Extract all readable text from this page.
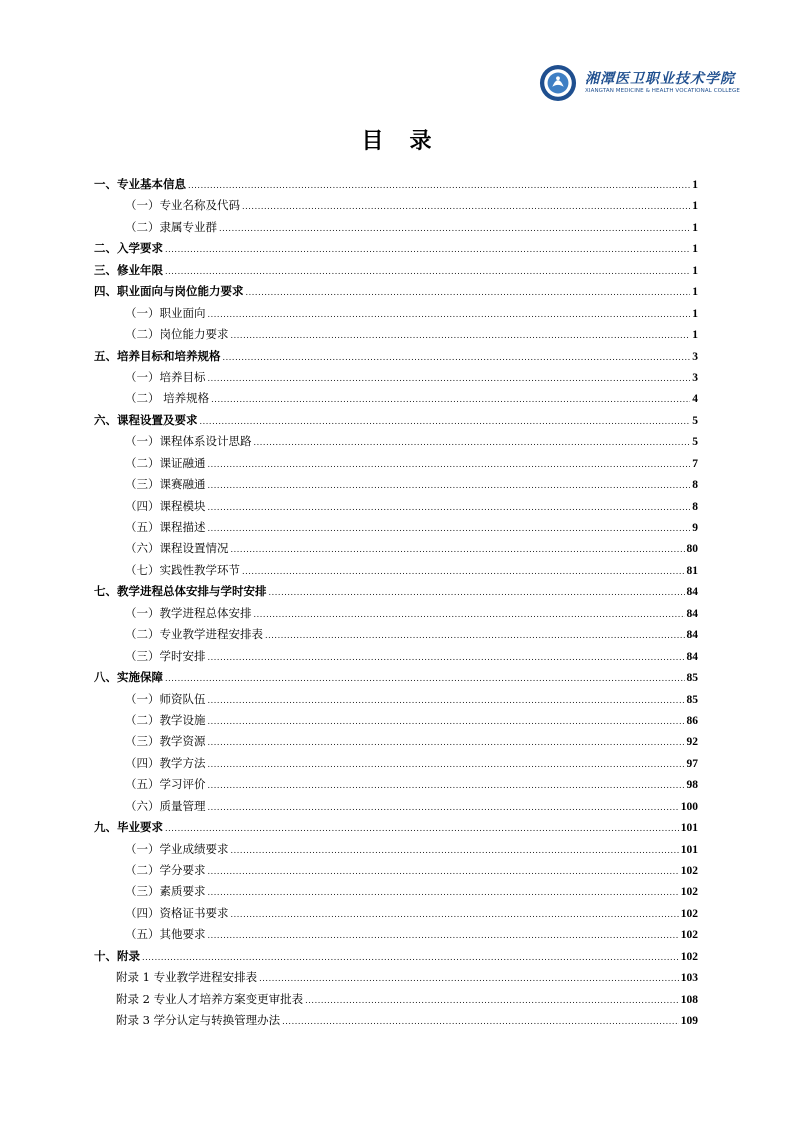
湘潭医卫职业技术学院
XIANGTAN MEDICINE & HEALTH VOCATIONAL COLLEGE
目录
一、专业基本信息 .....	1
（一）专业名称及代码 .....	1
（二）隶属专业群 .....	1
二、入学要求 .....	1
三、修业年限 .....	1
四、职业面向与岗位能力要求 .....	1
（一）职业面向 .....	1
（二）岗位能力要求 .....	1
五、培养目标和培养规格 .....	3
（一）培养目标 .....	3
（二） 培养规格 .....	4
六、课程设置及要求 .....	5
（一）课程体系设计思路 .....	5
（二）课证融通 .....	7
（三）课赛融通 .....	8
（四）课程模块 .....	8
（五）课程描述 .....	9
（六）课程设置情况 .....	80
（七）实践性教学环节 .....	81
七、教学进程总体安排与学时安排 .....	84
（一）教学进程总体安排 .....	84
（二）专业教学进程安排表 .....	84
（三）学时安排 .....	84
八、实施保障 .....	85
（一）师资队伍 .....	85
（二）教学设施 .....	86
（三）教学资源 .....	92
（四）教学方法 .....	97
（五）学习评价 .....	98
（六）质量管理 .....	100
九、毕业要求 .....	101
（一）学业成绩要求 .....	101
（二）学分要求 .....	102
（三）素质要求 .....	102
（四）资格证书要求 .....	102
（五）其他要求 .....	102
十、附录 .....	102
附录 1 专业教学进程安排表 .....	103
附录 2 专业人才培养方案变更审批表 .....	108
附录 3 学分认定与转换管理办法 .....	109
